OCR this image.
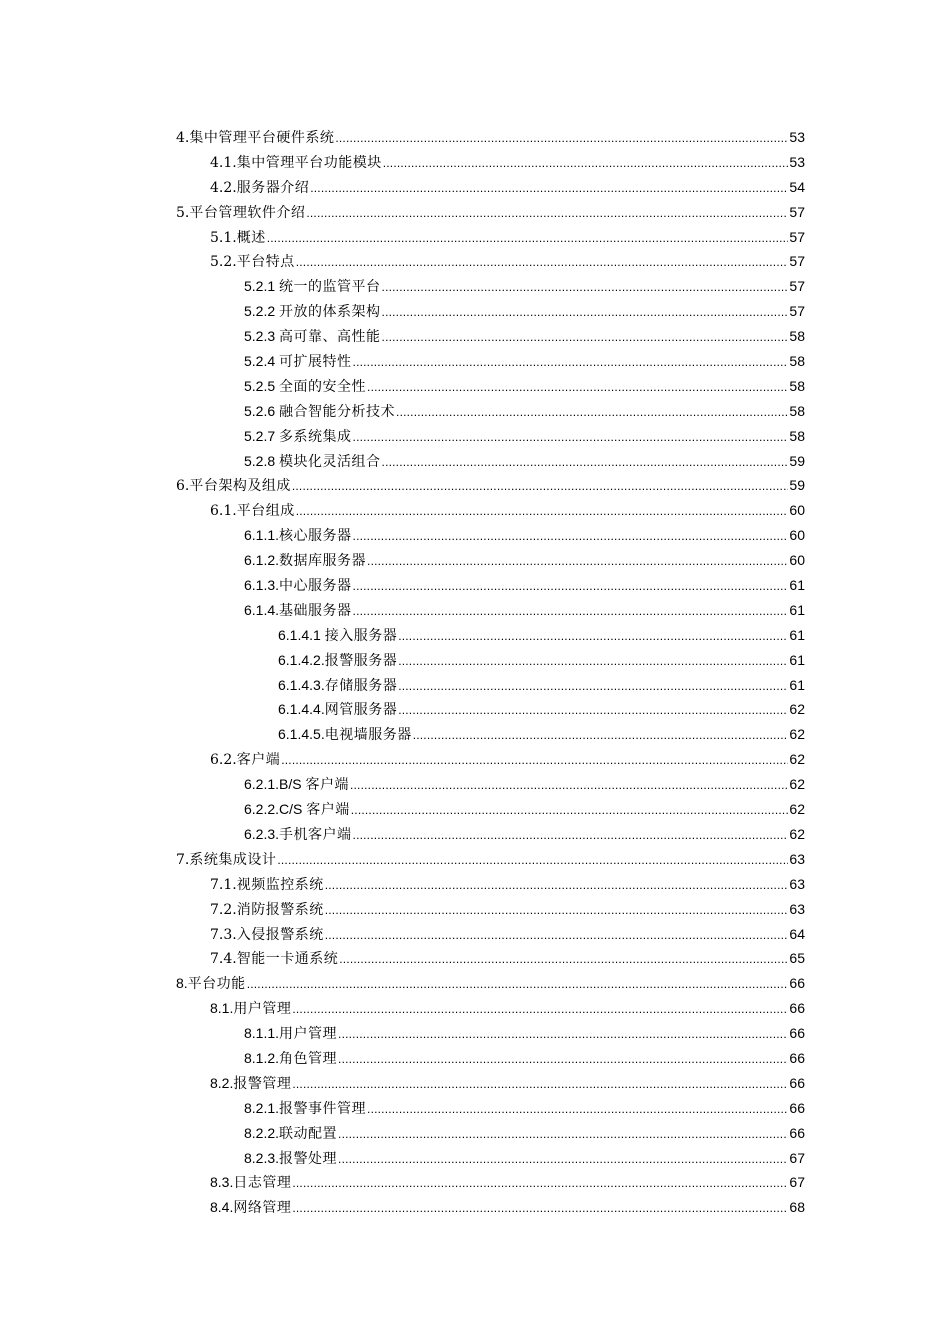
4. 集中管理平台硬件系统 .....	53
4.1. 集中管理平台功能模块 .....	53
4.2. 服务器介绍 .....	54
5. 平台管理软件介绍 .....	57
5.1. 概述 .....	57
5.2. 平台特点 .....	57
5.2.1 统一的监管平台 .....	57
5.2.2 开放的体系架构 .....	57
5.2.3 高可靠、高性能 .....	58
5.2.4 可扩展特性 .....	58
5.2.5 全面的安全性 .....	58
5.2.6 融合智能分析技术 .....	58
5.2.7 多系统集成 .....	58
5.2.8 模块化灵活组合 .....	59
6. 平台架构及组成 .....	59
6.1. 平台组成 .....	60
6.1.1. 核心服务器 .....	60
6.1.2. 数据库服务器 .....	60
6.1.3. 中心服务器 .....	61
6.1.4. 基础服务器 .....	61
6.1.4.1 接入服务器 .....	61
6.1.4.2. 报警服务器 .....	61
6.1.4.3. 存储服务器 .....	61
6.1.4.4. 网管服务器 .....	62
6.1.4.5. 电视墙服务器 .....	62
6.2. 客户端 .....	62
6.2.1.B/S 客户端 .....	62
6.2.2.C/S 客户端 .....	62
6.2.3. 手机客户端 .....	62
7. 系统集成设计 .....	63
7.1. 视频监控系统 .....	63
7.2. 消防报警系统 .....	63
7.3. 入侵报警系统 .....	64
7.4. 智能一卡通系统 .....	65
8. 平台功能 .....	66
8.1. 用户管理 .....	66
8.1.1. 用户管理 .....	66
8.1.2. 角色管理 .....	66
8.2. 报警管理 .....	66
8.2.1. 报警事件管理 .....	66
8.2.2. 联动配置 .....	66
8.2.3. 报警处理 .....	67
8.3. 日志管理 .....	67
8.4. 网络管理 .....	68
